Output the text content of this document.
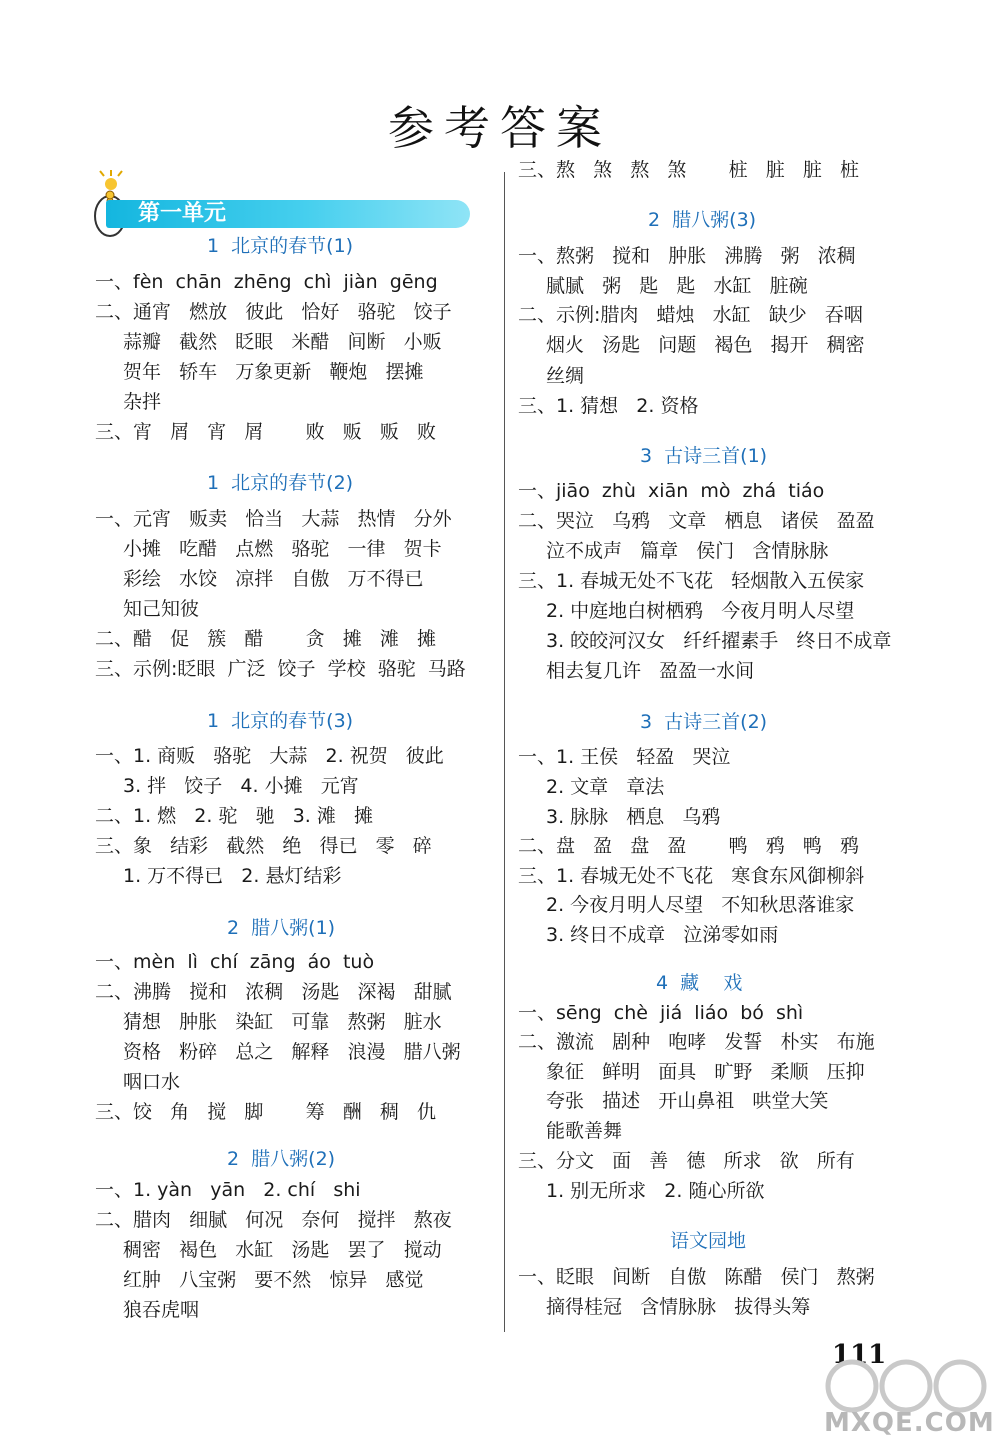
参考答案
第一单元
1  北京的春节(1)
一、fèn  chān  zhēng  chì  jiàn  gēng
二、通宵   燃放   彼此   恰好   骆驼   饺子
蒜瓣   截然   眨眼   米醋   间断   小贩
贺年   轿车   万象更新   鞭炮   摆摊
杂拌
三、宵   屑   宵   屑       败   贩   贩   败
1  北京的春节(2)
一、元宵   贩卖   恰当   大蒜   热情   分外
小摊   吃醋   点燃   骆驼   一律   贺卡
彩绘   水饺   凉拌   自傲   万不得已
知己知彼
二、醋   促   簇   醋       贪   摊   滩   摊
三、示例:眨眼  广泛  饺子  学校  骆驼  马路
1  北京的春节(3)
一、1. 商贩   骆驼   大蒜   2. 祝贺   彼此
3. 拌   饺子   4. 小摊   元宵
二、1. 燃   2. 驼   驰   3. 滩   摊
三、象   结彩   截然   绝   得已   零   碎
1. 万不得已   2. 悬灯结彩
2  腊八粥(1)
一、mèn  lì  chí  zāng  áo  tuò
二、沸腾   搅和   浓稠   汤匙   深褐   甜腻
猜想   肿胀   染缸   可靠   熬粥   脏水
资格   粉碎   总之   解释   浪漫   腊八粥
咽口水
三、饺   角   搅   脚       筹   酬   稠   仇
2  腊八粥(2)
一、1. yàn   yān   2. chí   shi
二、腊肉   细腻   何况   奈何   搅拌   熬夜
稠密   褐色   水缸   汤匙   罢了   搅动
红肿   八宝粥   要不然   惊异   感觉
狼吞虎咽
三、熬   煞   熬   煞       桩   脏   脏   桩
2  腊八粥(3)
一、熬粥   搅和   肿胀   沸腾   粥   浓稠
腻腻   粥   匙   匙   水缸   脏碗
二、示例:腊肉   蜡烛   水缸   缺少   吞咽
烟火   汤匙   问题   褐色   揭开   稠密
丝绸
三、1. 猜想   2. 资格
3  古诗三首(1)
一、jiāo  zhù  xiān  mò  zhá  tiáo
二、哭泣   乌鸦   文章   栖息   诸侯   盈盈
泣不成声   篇章   侯门   含情脉脉
三、1. 春城无处不飞花   轻烟散入五侯家
2. 中庭地白树栖鸦   今夜月明人尽望
3. 皎皎河汉女   纤纤擢素手   终日不成章
相去复几许   盈盈一水间
3  古诗三首(2)
一、1. 王侯   轻盈   哭泣
2. 文章   章法
3. 脉脉   栖息   乌鸦
二、盘   盈   盘   盈       鸭   鸦   鸭   鸦
三、1. 春城无处不飞花   寒食东风御柳斜
2. 今夜月明人尽望   不知秋思落谁家
3. 终日不成章   泣涕零如雨
4  藏    戏
一、sēng  chè  jiá  liáo  bó  shì
二、激流   剧种   咆哮   发誓   朴实   布施
象征   鲜明   面具   旷野   柔顺   压抑
夸张   描述   开山鼻祖   哄堂大笑
能歌善舞
三、分文   面   善   德   所求   欲   所有
1. 别无所求   2. 随心所欲
语文园地
一、眨眼   间断   自傲   陈醋   侯门   熬粥
摘得桂冠   含情脉脉   拔得头筹
111
MXQE.COM
